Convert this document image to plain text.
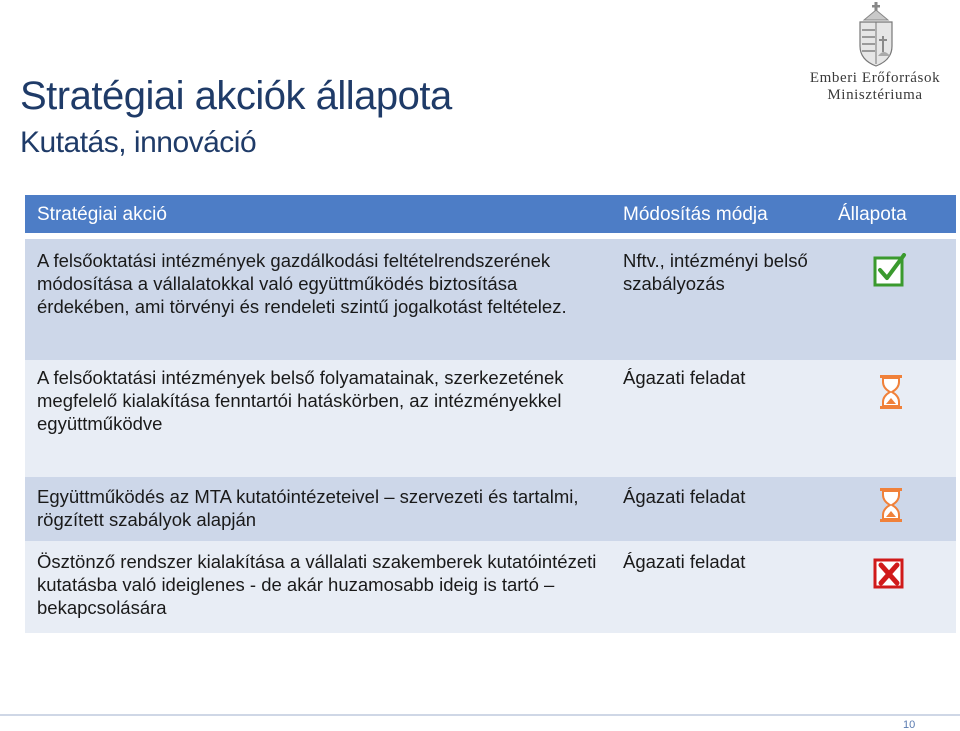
Stratégiai akciók állapota
Kutatás, innováció
Emberi Erőforrások
Minisztériuma
Stratégiai akció	Módosítás módja	Állapota
A felsőoktatási intézmények gazdálkodási feltételrendszerének módosítása a vállalatokkal való együttműködés biztosítása érdekében, ami törvényi és rendeleti szintű jogalkotást feltételez.
Nftv., intézményi belső szabályozás
A felsőoktatási intézmények belső folyamatainak, szerkezetének megfelelő kialakítása fenntartói hatáskörben, az intézményekkel együttműködve
Ágazati feladat
Együttműködés az MTA kutatóintézeteivel – szervezeti és tartalmi, rögzített szabályok alapján
Ágazati feladat
Ösztönző rendszer kialakítása a vállalati szakemberek kutatóintézeti kutatásba való ideiglenes - de akár huzamosabb ideig is tartó – bekapcsolására
Ágazati feladat
10
